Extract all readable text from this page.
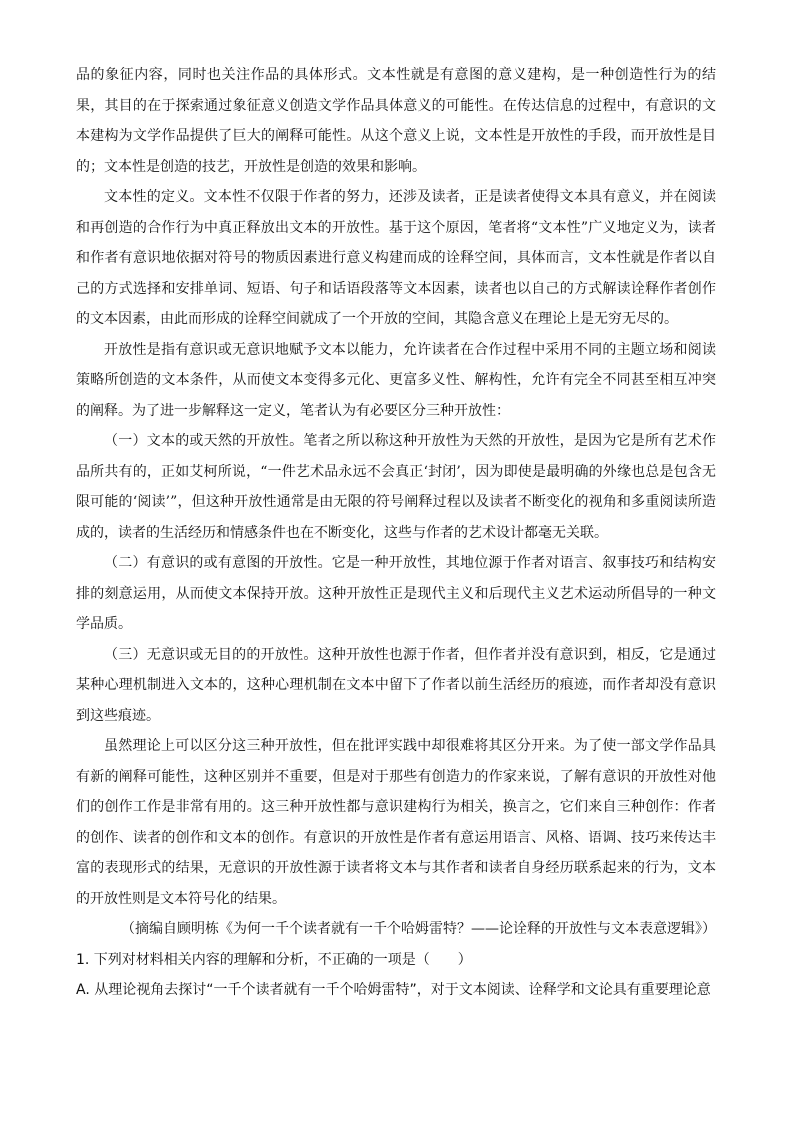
品的象征内容，同时也关注作品的具体形式。文本性就是有意图的意义建构，是一种创造性行为的结果，其目的在于探索通过象征意义创造文学作品具体意义的可能性。在传达信息的过程中，有意识的文本建构为文学作品提供了巨大的阐释可能性。从这个意义上说，文本性是开放性的手段，而开放性是目的；文本性是创造的技艺，开放性是创造的效果和影响。

文本性的定义。文本性不仅限于作者的努力，还涉及读者，正是读者使得文本具有意义，并在阅读和再创造的合作行为中真正释放出文本的开放性。基于这个原因，笔者将“文本性”广义地定义为，读者和作者有意识地依据对符号的物质因素进行意义构建而成的诠释空间，具体而言，文本性就是作者以自己的方式选择和安排单词、短语、句子和话语段落等文本因素，读者也以自己的方式解读诠释作者创作的文本因素，由此而形成的诠释空间就成了一个开放的空间，其隐含意义在理论上是无穷无尽的。

开放性是指有意识或无意识地赋予文本以能力，允许读者在合作过程中采用不同的主题立场和阅读策略所创造的文本条件，从而使文本变得多元化、更富多义性、解构性，允许有完全不同甚至相互冲突的阐释。为了进一步解释这一定义，笔者认为有必要区分三种开放性：

（一）文本的或天然的开放性。笔者之所以称这种开放性为天然的开放性，是因为它是所有艺术作品所共有的，正如艾柯所说，“一件艺术品永远不会真正‘封闭’，因为即使是最明确的外缘也总是包含无限可能的‘阅读’”，但这种开放性通常是由无限的符号阐释过程以及读者不断变化的视角和多重阅读所造成的，读者的生活经历和情感条件也在不断变化，这些与作者的艺术设计都毫无关联。

（二）有意识的或有意图的开放性。它是一种开放性，其地位源于作者对语言、叙事技巧和结构安排的刻意运用，从而使文本保持开放。这种开放性正是现代主义和后现代主义艺术运动所倡导的一种文学品质。

（三）无意识或无目的的开放性。这种开放性也源于作者，但作者并没有意识到，相反，它是通过某种心理机制进入文本的，这种心理机制在文本中留下了作者以前生活经历的痕迹，而作者却没有意识到这些痕迹。

虽然理论上可以区分这三种开放性，但在批评实践中却很难将其区分开来。为了使一部文学作品具有新的阐释可能性，这种区别并不重要，但是对于那些有创造力的作家来说，了解有意识的开放性对他们的创作工作是非常有用的。这三种开放性都与意识建构行为相关，换言之，它们来自三种创作：作者的创作、读者的创作和文本的创作。有意识的开放性是作者有意运用语言、风格、语调、技巧来传达丰富的表现形式的结果，无意识的开放性源于读者将文本与其作者和读者自身经历联系起来的行为，文本的开放性则是文本符号化的结果。

（摘编自顾明栋《为何一千个读者就有一千个哈姆雷特？——论诠释的开放性与文本表意逻辑》）

1. 下列对材料相关内容的理解和分析，不正确的一项是（　　）

A. 从理论视角去探讨“一千个读者就有一千个哈姆雷特”，对于文本阅读、诠释学和文论具有重要理论意
